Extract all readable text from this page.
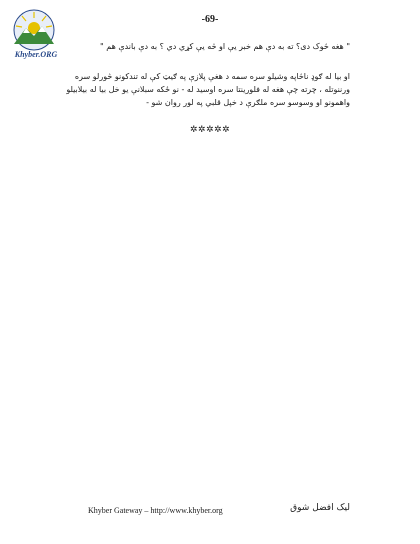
Khyber.ORG
-69-
" هغه څوک دی؟ ته به دې هم خبر يې او څه يې کړي دي ؟ به دې باندې هم "
او بيا له ګوډ ناڅاپه وشيلو سره سمه د هغې پلازې په ګيټ کې له تندکونو څورلو سره
ورننوتله ، چرته چې هغه له فلورينتا سره اوسيد له - نو ځکه سبلانې يو خل بيا له بيلابيلو
واهمونو او وسوسو سره ملګرې د خپل قلبي په لور روان شو -
✲✲✲✲✲
Khyber Gateway – http://www.khyber.org	ليک افضل شوق
